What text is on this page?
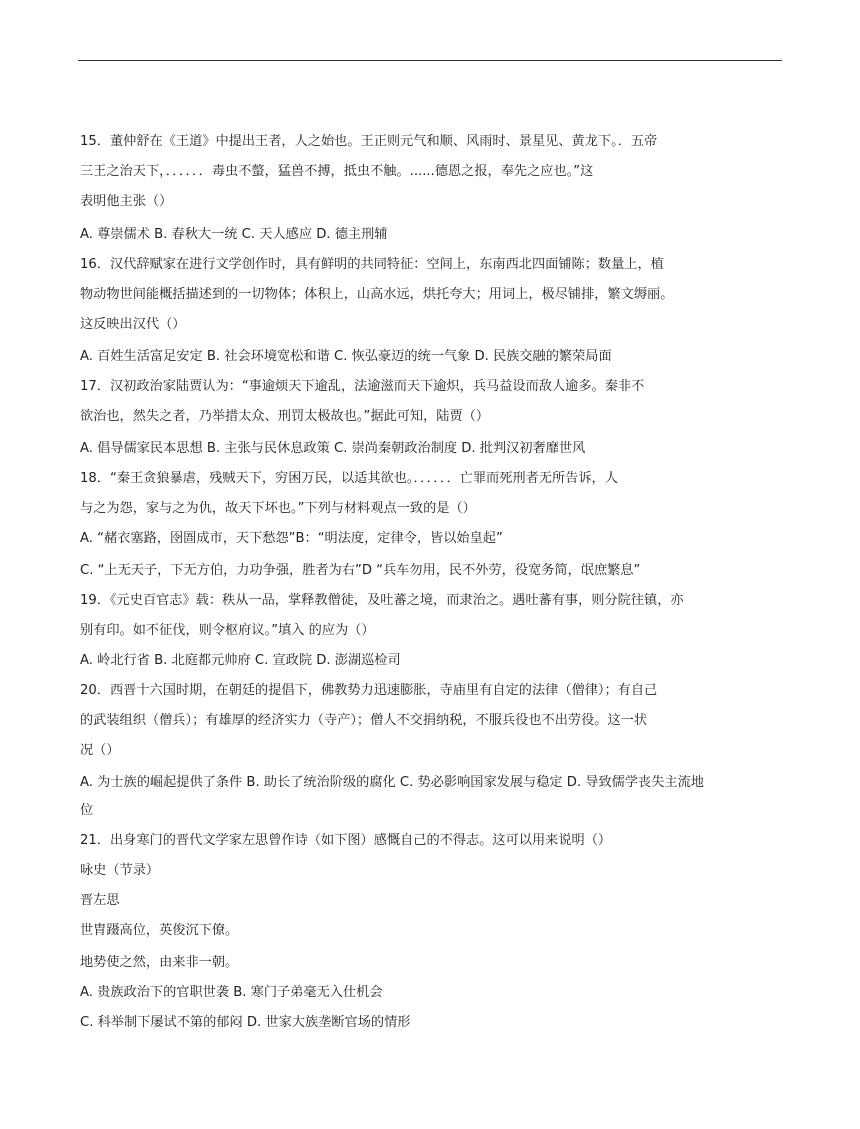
15．董仲舒在《王道》中提出王者，人之始也。王正则元气和顺、风雨时、景星见、黄龙下。．五帝
三王之治天下，．．．．．．毒虫不螫，猛兽不搏，抵虫不触。......德恩之报，奉先之应也。”这
表明他主张（）
A. 尊崇儒术 B. 春秋大一统 C. 天人感应 D. 德主刑辅
16．汉代辞赋家在进行文学创作时，具有鲜明的共同特征：空间上，东南西北四面铺陈；数量上，植
物动物世间能概括描述到的一切物体；体积上，山高水远，烘托夸大；用词上，极尽铺排，繁文缛丽。
这反映出汉代（）
A. 百姓生活富足安定 B. 社会环境宽松和谐 C. 恢弘豪迈的统一气象 D. 民族交融的繁荣局面
17．汉初政治家陆贾认为：“事逾烦天下逾乱，法逾滋而天下逾炽，兵马益设而敌人逾多。秦非不
欲治也，然失之者，乃举措太众、刑罚太极故也。”据此可知，陆贾（）
A. 倡导儒家民本思想 B. 主张与民休息政策 C. 崇尚秦朝政治制度 D. 批判汉初奢靡世风
18．“秦王贪狼暴虐，残贼天下，穷困万民，以适其欲也。．．．．．．亡罪而死刑者无所告诉，人
与之为怨，家与之为仇，故天下坏也。”下列与材料观点一致的是（）
A. “赭衣塞路，囹圄成市，天下愁怨”B：“明法度，定律令，皆以始皇起”
C. “上无天子，下无方伯，力功争强，胜者为右”D “兵车勿用，民不外劳，役宽务简，氓庶繁息”
19．《元史百官志》载：秩从一品，掌释教僧徒，及吐蕃之境，而隶治之。遇吐蕃有事，则分院往镇，亦
别有印。如不征伐，则令枢府议。”填入 的应为（）
A. 岭北行省 B. 北庭都元帅府 C. 宣政院 D. 澎湖巡检司
20．西晋十六国时期，在朝廷的提倡下，佛教势力迅速膨胀，寺庙里有自定的法律（僧律）；有自己
的武装组织（僧兵）；有雄厚的经济实力（寺产）；僧人不交捐纳税，不服兵役也不出劳役。这一状
况（）
A. 为士族的崛起提供了条件 B. 助长了统治阶级的腐化 C. 势必影响国家发展与稳定 D. 导致儒学丧失主流地
位
21．出身寒门的晋代文学家左思曾作诗（如下图）感慨自己的不得志。这可以用来说明（）
咏史（节录）
晋左思
世胄蹑高位，英俊沉下僚。
地势使之然，由来非一朝。
A. 贵族政治下的官职世袭 B. 寒门子弟毫无入仕机会
C. 科举制下屡试不第的郁闷 D. 世家大族垄断官场的情形
